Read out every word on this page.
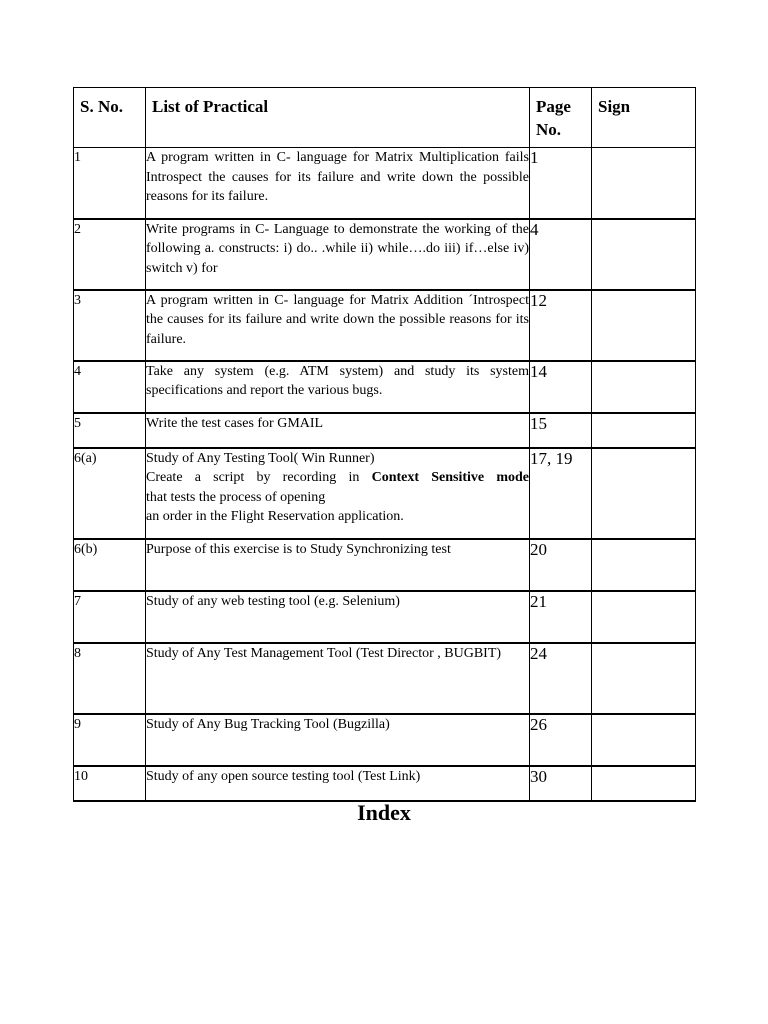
S. No.	List of Practical	Page No.	Sign
1	A program written in C- language for Matrix Multiplication fails Introspect the causes for its failure and write down the possible reasons for its failure.	1	
2	Write programs in C- Language to demonstrate the working of the following a. constructs: i) do.. .while ii) while….do iii) if…else iv) switch v) for	4	
3	A program written in C- language for Matrix Addition ´Introspect the causes for its failure and write down the possible reasons for its failure.	12	
4	Take any system (e.g. ATM system) and study its system specifications and report the various bugs.	14	
5	Write the test cases for GMAIL	15	
6(a)	Study of Any Testing Tool( Win Runner)
Create a script by recording in Context Sensitive mode
that tests the process of opening
an order in the Flight Reservation application.	17, 19	
6(b)	Purpose of this exercise is to Study Synchronizing test	20	
7	Study of any web testing tool (e.g. Selenium)	21	
8	Study of Any Test Management Tool (Test Director , BUGBIT)	24	
9	Study of Any Bug Tracking Tool (Bugzilla)	26	
10	Study of any open source testing tool (Test Link)	30	
Index
